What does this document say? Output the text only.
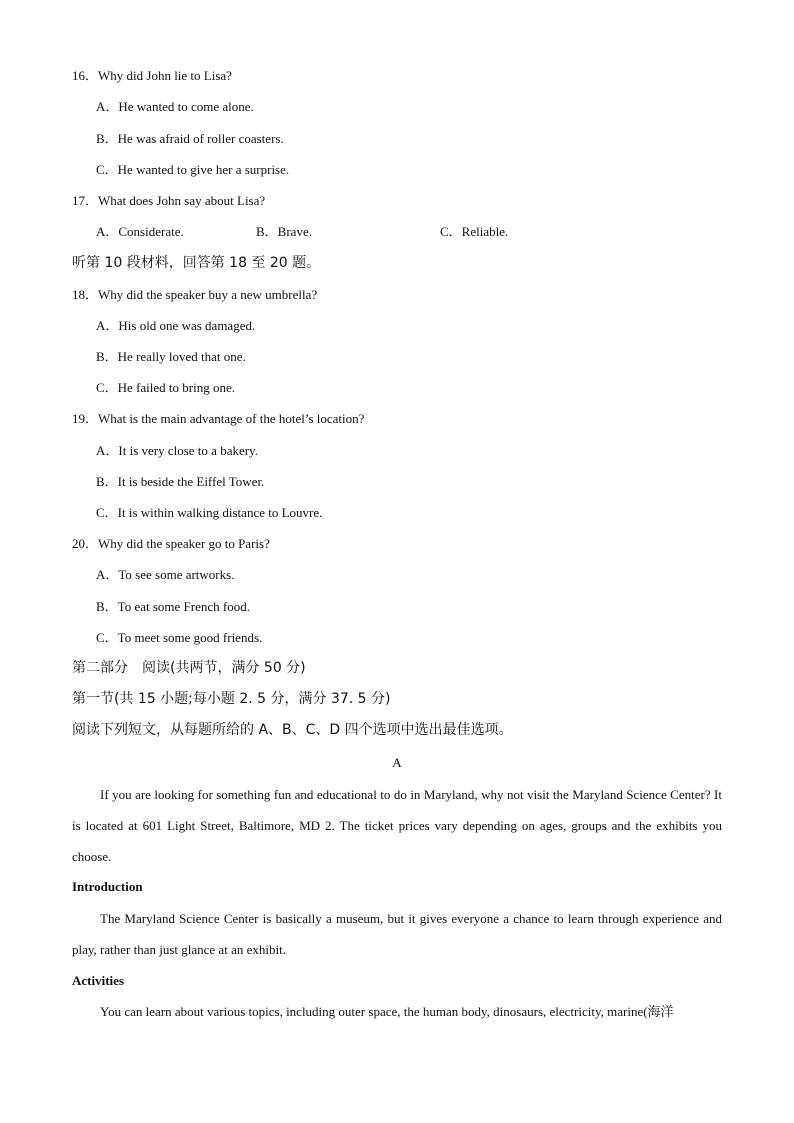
16．Why did John lie to Lisa?
A．He wanted to come alone.
B．He was afraid of roller coasters.
C．He wanted to give her a surprise.
17．What does John say about Lisa?
A．Considerate.	B．Brave.	C．Reliable.
听第 10 段材料，回答第 18 至 20 题。
18．Why did the speaker buy a new umbrella?
A．His old one was damaged.
B．He really loved that one.
C．He failed to bring one.
19．What is the main advantage of the hotel’s location?
A．It is very close to a bakery.
B．It is beside the Eiffel Tower.
C．It is within walking distance to Louvre.
20．Why did the speaker go to Paris?
A．To see some artworks.
B．To eat some French food.
C．To meet some good friends.
第二部分　阅读(共两节，满分 50 分)
第一节(共 15 小题;每小题 2. 5 分，满分 37. 5 分)
阅读下列短文，从每题所给的 A、B、C、D 四个选项中选出最佳选项。
A
If you are looking for something fun and educational to do in Maryland, why not visit the Maryland Science Center? It is located at 601 Light Street, Baltimore, MD 2. The ticket prices vary depending on ages, groups and the exhibits you choose.
Introduction
The Maryland Science Center is basically a museum, but it gives everyone a chance to learn through experience and play, rather than just glance at an exhibit.
Activities
You can learn about various topics, including outer space, the human body, dinosaurs, electricity, marine(海洋
